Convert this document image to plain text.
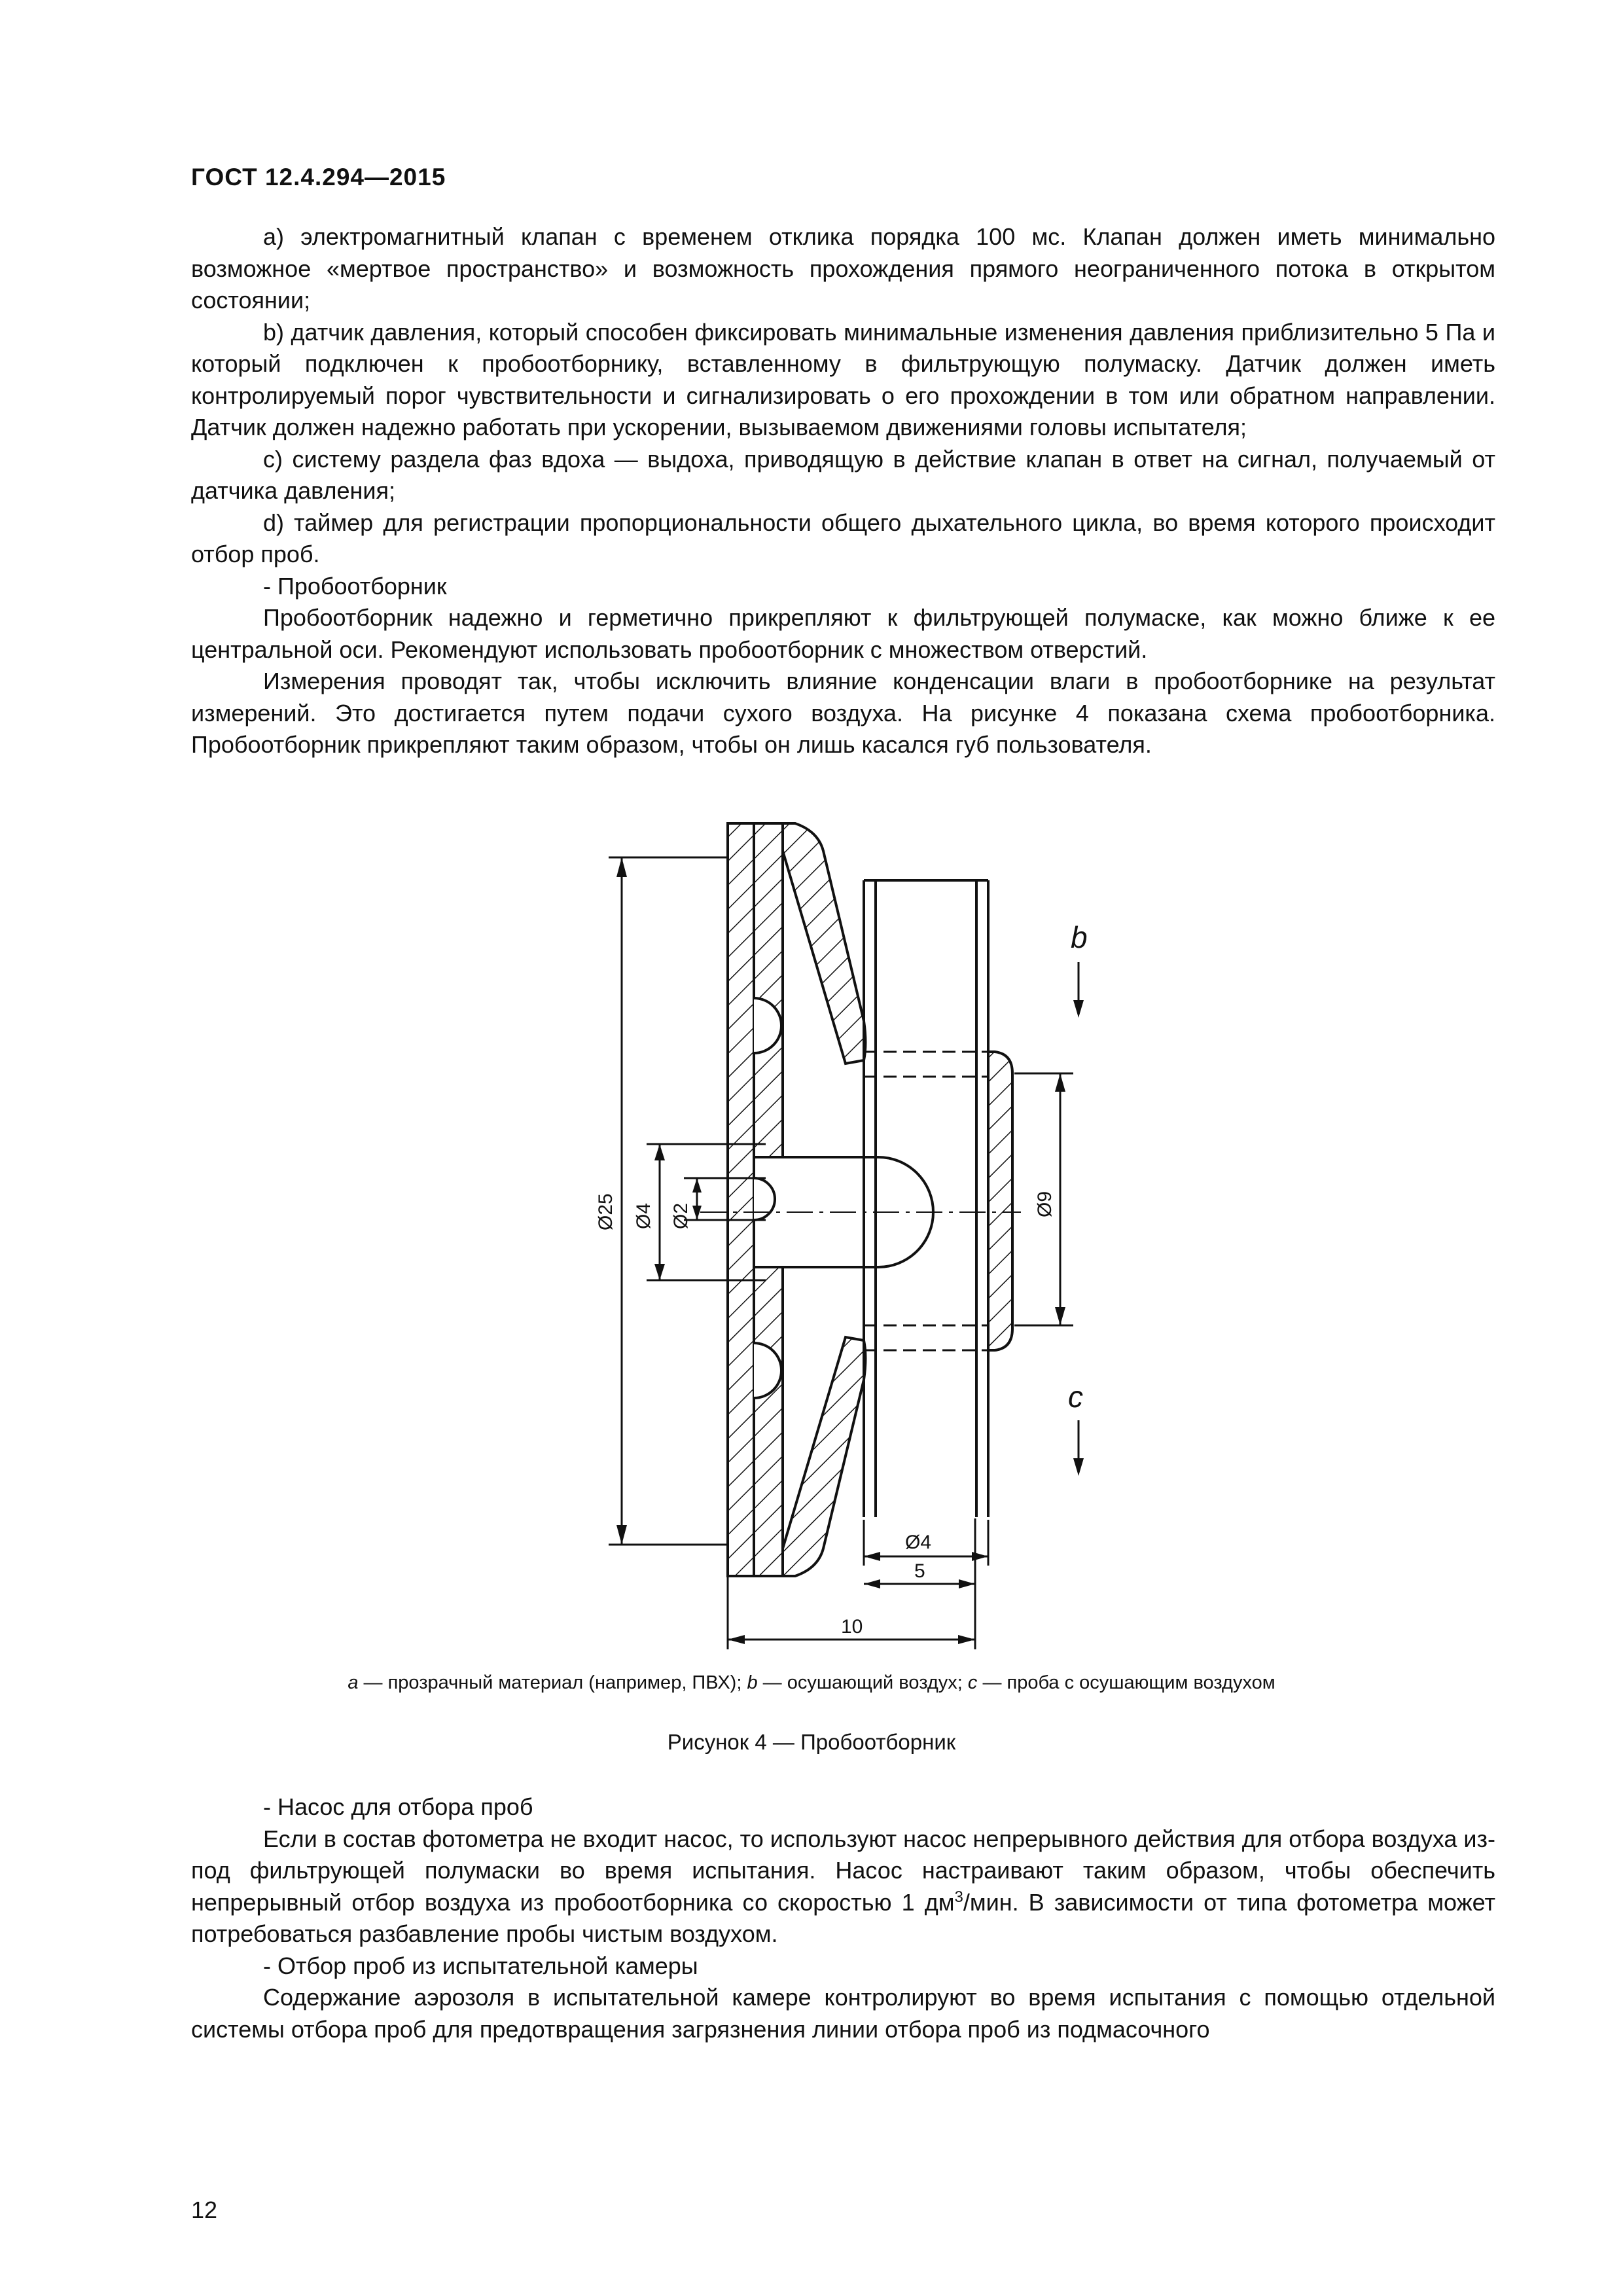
ГОСТ 12.4.294—2015

а) электромагнитный клапан с временем отклика порядка 100 мс. Клапан должен иметь минимально возможное «мертвое пространство» и возможность прохождения прямого неограниченного потока в открытом состоянии;

b) датчик давления, который способен фиксировать минимальные изменения давления приблизительно 5 Па и который подключен к пробоотборнику, вставленному в фильтрующую полумаску. Датчик должен иметь контролируемый порог чувствительности и сигнализировать о его прохождении в том или обратном направлении. Датчик должен надежно работать при ускорении, вызываемом движениями головы испытателя;

с) систему раздела фаз вдоха — выдоха, приводящую в действие клапан в ответ на сигнал, получаемый от датчика давления;

d) таймер для регистрации пропорциональности общего дыхательного цикла, во время которого происходит отбор проб.

- Пробоотборник

Пробоотборник надежно и герметично прикрепляют к фильтрующей полумаске, как можно ближе к ее центральной оси. Рекомендуют использовать пробоотборник с множеством отверстий.

Измерения проводят так, чтобы исключить влияние конденсации влаги в пробоотборнике на результат измерений. Это достигается путем подачи сухого воздуха. На рисунке 4 показана схема пробоотборника. Пробоотборник прикрепляют таким образом, чтобы он лишь касался губ пользователя.

b
c
Ø25 Ø4 Ø2	Ø9
Ø4
5
10
а — прозрачный материал (например, ПВХ); b — осушающий воздух; с — проба с осушающим воздухом
Рисунок 4 — Пробоотборник

- Насос для отбора проб

Если в состав фотометра не входит насос, то используют насос непрерывного действия для отбора воздуха из-под фильтрующей полумаски во время испытания. Насос настраивают таким образом, чтобы обеспечить непрерывный отбор воздуха из пробоотборника со скоростью 1 $дм^3$/мин. В зависимости от типа фотометра может потребоваться разбавление пробы чистым воздухом.

- Отбор проб из испытательной камеры

Содержание аэрозоля в испытательной камере контролируют во время испытания с помощью отдельной системы отбора проб для предотвращения загрязнения линии отбора проб из подмасочного

12
